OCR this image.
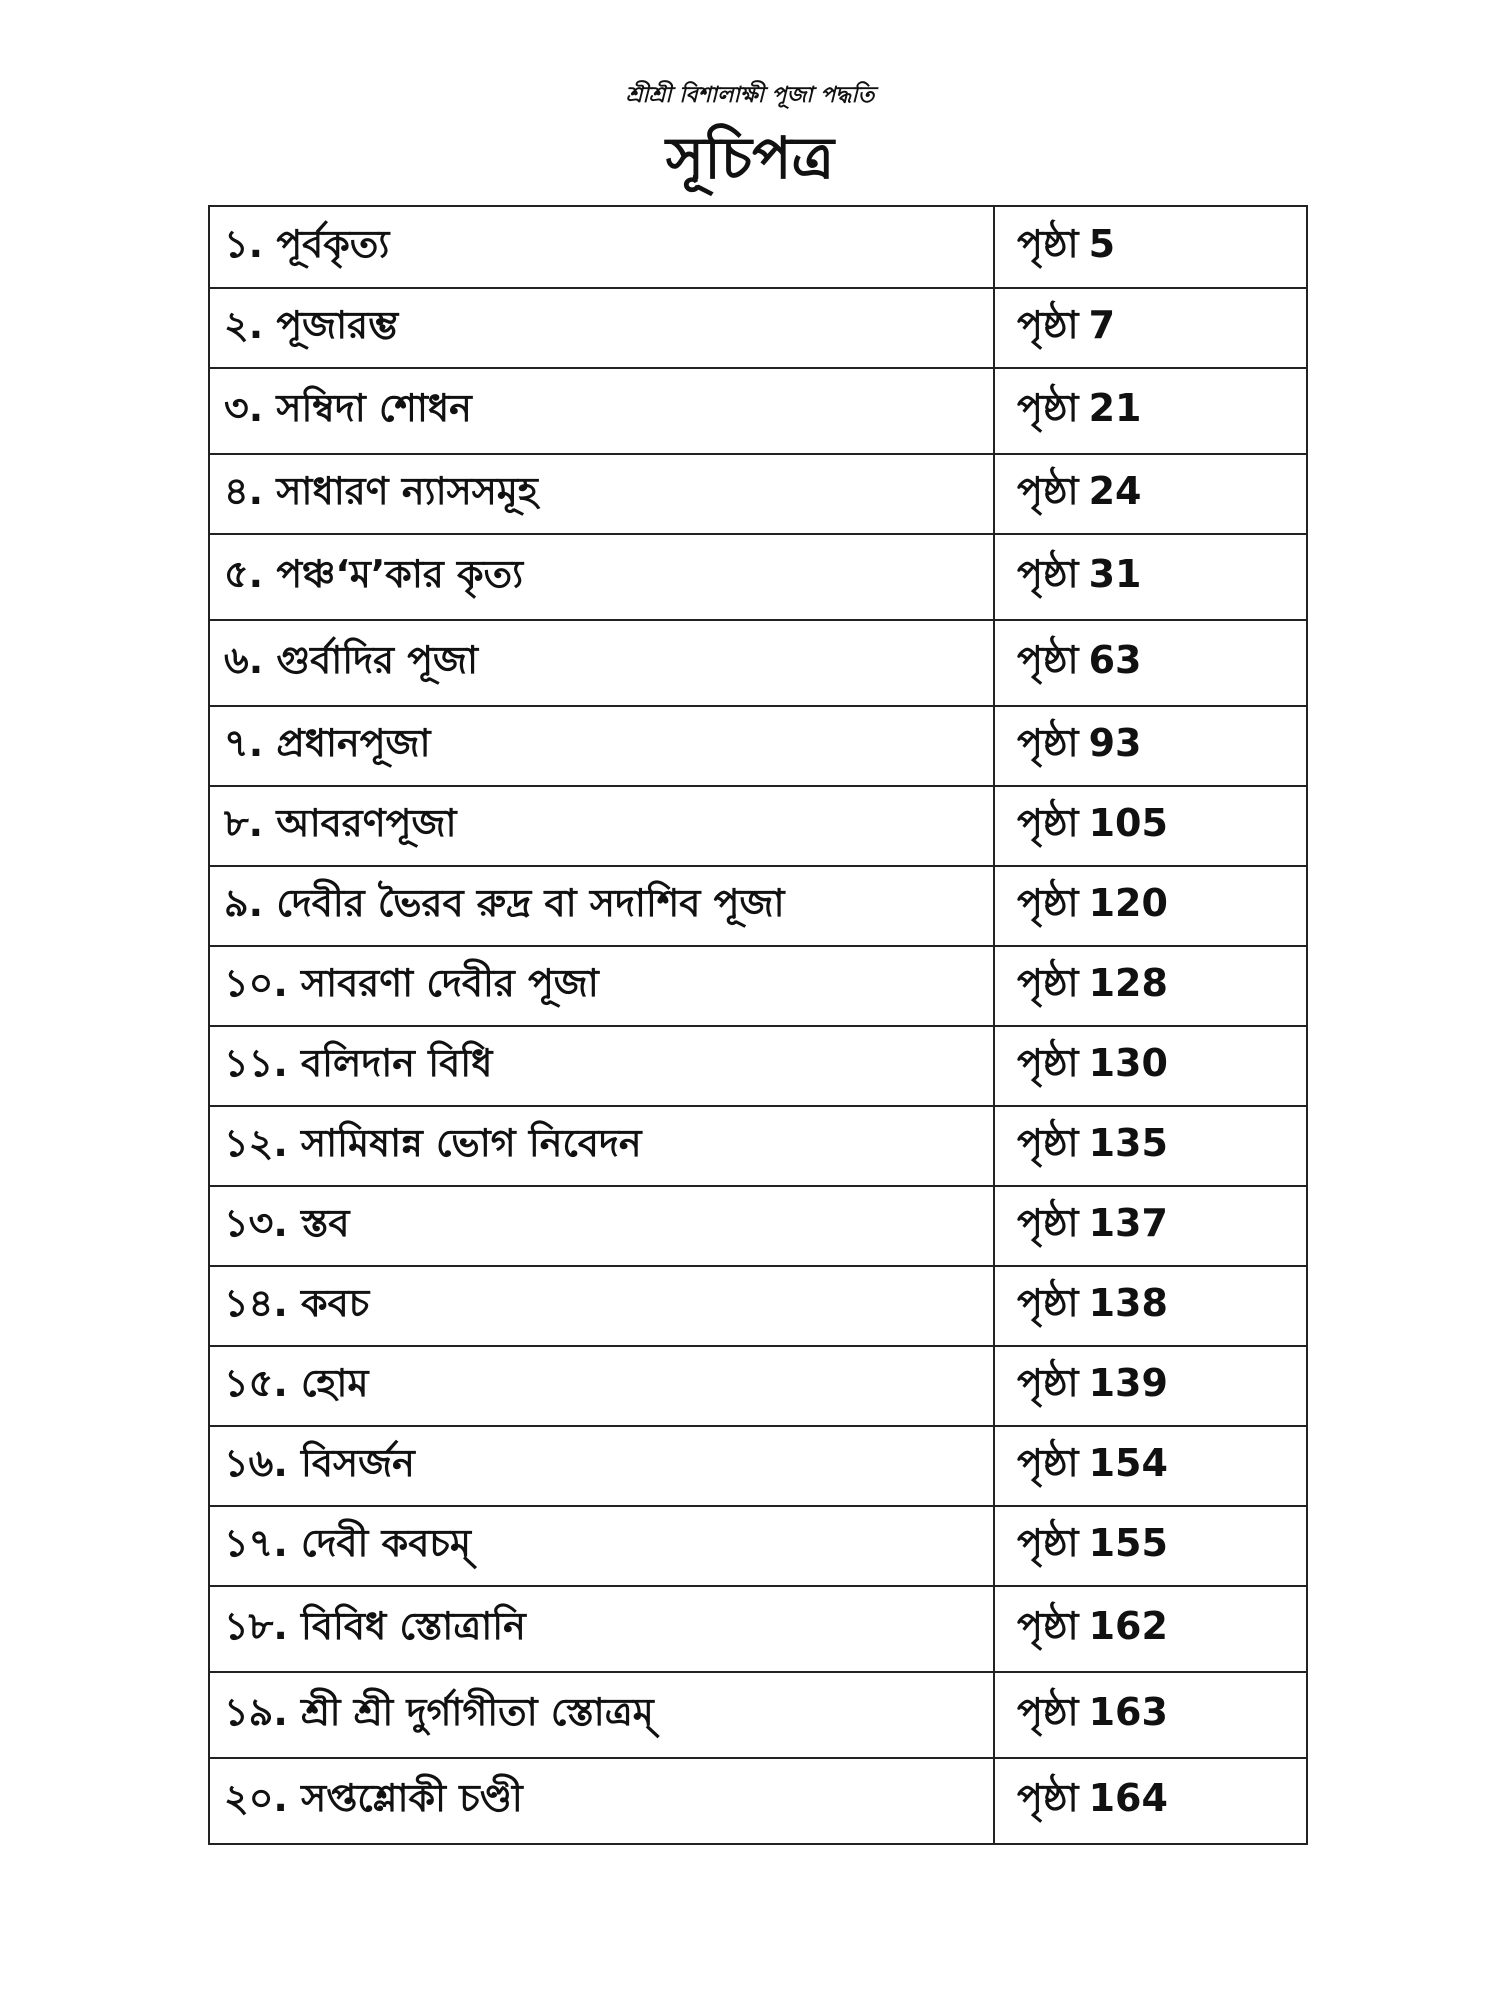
শ্রীশ্রী বিশালাক্ষী পূজা পদ্ধতি
সূচিপত্র
১. পূর্বকৃত্য	পৃষ্ঠা 5
২. পূজারম্ভ	পৃষ্ঠা 7
৩. সম্বিদা শোধন	পৃষ্ঠা 21
৪. সাধারণ ন্যাসসমূহ	পৃষ্ঠা 24
৫. পঞ্চ‘ম’কার কৃত্য	পৃষ্ঠা 31
৬. গুর্বাদির পূজা	পৃষ্ঠা 63
৭. প্রধানপূজা	পৃষ্ঠা 93
৮. আবরণপূজা	পৃষ্ঠা 105
৯. দেবীর ভৈরব রুদ্র বা সদাশিব পূজা	পৃষ্ঠা 120
১০. সাবরণা দেবীর পূজা	পৃষ্ঠা 128
১১. বলিদান বিধি	পৃষ্ঠা 130
১২. সামিষান্ন ভোগ নিবেদন	পৃষ্ঠা 135
১৩. স্তব	পৃষ্ঠা 137
১৪. কবচ	পৃষ্ঠা 138
১৫. হোম	পৃষ্ঠা 139
১৬. বিসর্জন	পৃষ্ঠা 154
১৭. দেবী কবচম্	পৃষ্ঠা 155
১৮. বিবিধ স্তোত্রানি	পৃষ্ঠা 162
১৯. শ্রী শ্রী দুর্গাগীতা স্তোত্রম্	পৃষ্ঠা 163
২০. সপ্তশ্লোকী চণ্ডী	পৃষ্ঠা 164
